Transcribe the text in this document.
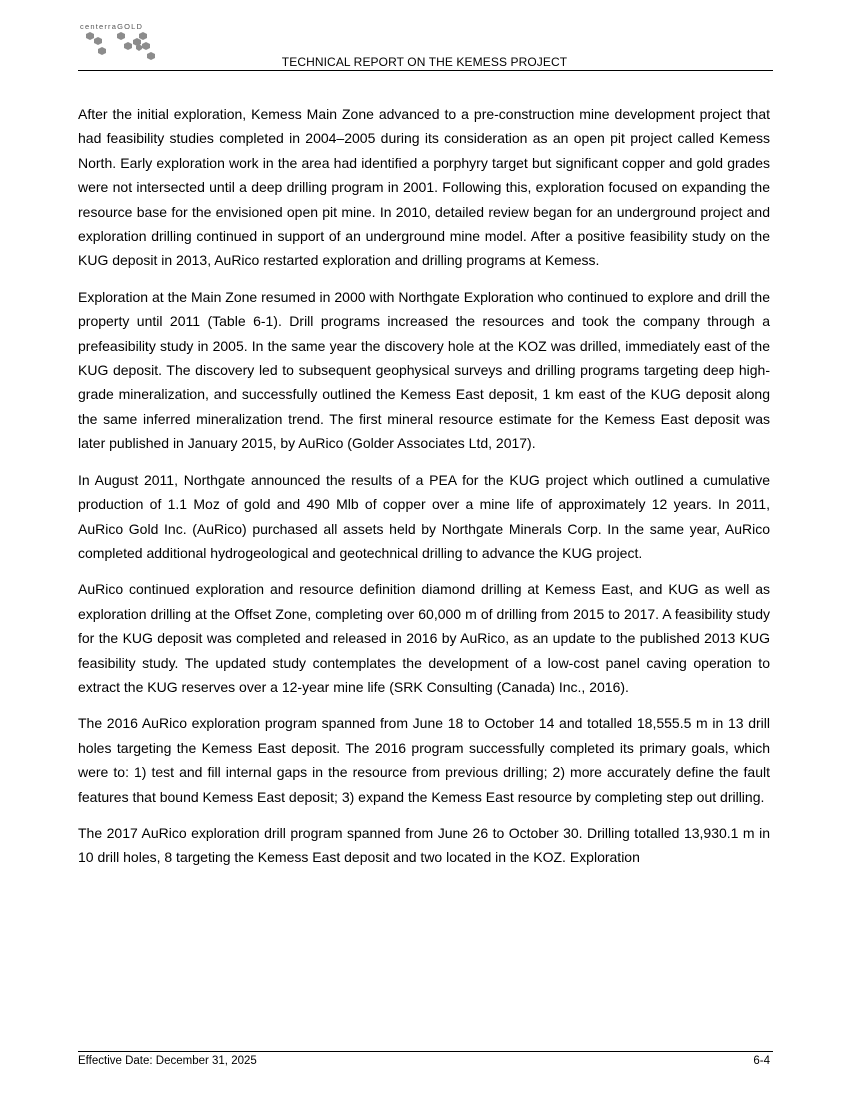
centerraGOLD
TECHNICAL REPORT ON THE KEMESS PROJECT

After the initial exploration, Kemess Main Zone advanced to a pre-construction mine development project that had feasibility studies completed in 2004–2005 during its consideration as an open pit project called Kemess North. Early exploration work in the area had identified a porphyry target but significant copper and gold grades were not intersected until a deep drilling program in 2001. Following this, exploration focused on expanding the resource base for the envisioned open pit mine. In 2010, detailed review began for an underground project and exploration drilling continued in support of an underground mine model. After a positive feasibility study on the KUG deposit in 2013, AuRico restarted exploration and drilling programs at Kemess.

Exploration at the Main Zone resumed in 2000 with Northgate Exploration who continued to explore and drill the property until 2011 (Table 6-1). Drill programs increased the resources and took the company through a prefeasibility study in 2005. In the same year the discovery hole at the KOZ was drilled, immediately east of the KUG deposit. The discovery led to subsequent geophysical surveys and drilling programs targeting deep high-grade mineralization, and successfully outlined the Kemess East deposit, 1 km east of the KUG deposit along the same inferred mineralization trend. The first mineral resource estimate for the Kemess East deposit was later published in January 2015, by AuRico (Golder Associates Ltd, 2017).

In August 2011, Northgate announced the results of a PEA for the KUG project which outlined a cumulative production of 1.1 Moz of gold and 490 Mlb of copper over a mine life of approximately 12 years. In 2011, AuRico Gold Inc. (AuRico) purchased all assets held by Northgate Minerals Corp. In the same year, AuRico completed additional hydrogeological and geotechnical drilling to advance the KUG project.

AuRico continued exploration and resource definition diamond drilling at Kemess East, and KUG as well as exploration drilling at the Offset Zone, completing over 60,000 m of drilling from 2015 to 2017. A feasibility study for the KUG deposit was completed and released in 2016 by AuRico, as an update to the published 2013 KUG feasibility study. The updated study contemplates the development of a low-cost panel caving operation to extract the KUG reserves over a 12-year mine life (SRK Consulting (Canada) Inc., 2016).

The 2016 AuRico exploration program spanned from June 18 to October 14 and totalled 18,555.5 m in 13 drill holes targeting the Kemess East deposit. The 2016 program successfully completed its primary goals, which were to: 1) test and fill internal gaps in the resource from previous drilling; 2) more accurately define the fault features that bound Kemess East deposit; 3) expand the Kemess East resource by completing step out drilling.

The 2017 AuRico exploration drill program spanned from June 26 to October 30. Drilling totalled 13,930.1 m in 10 drill holes, 8 targeting the Kemess East deposit and two located in the KOZ. Exploration

Effective Date: December 31, 2025	6-4
